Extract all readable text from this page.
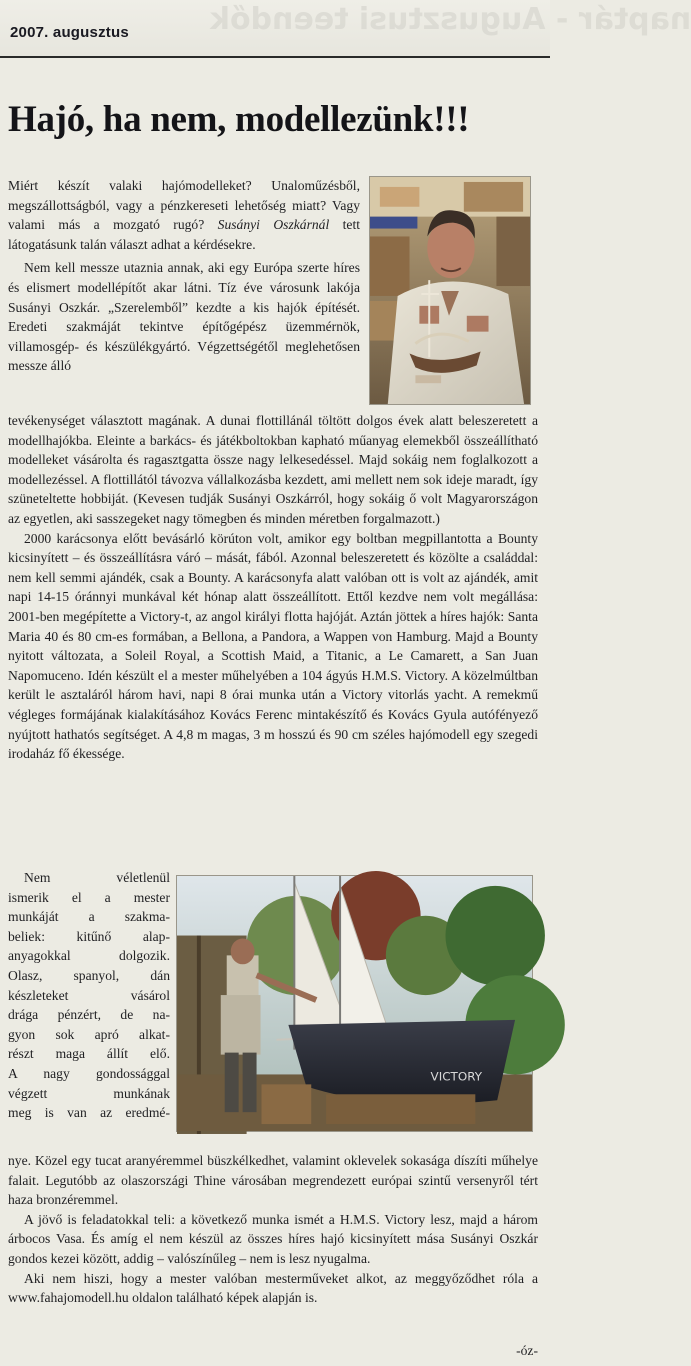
naptár - Augusztusi teendők
2007. augusztus
Hajó, ha nem, modellezünk!!!

Miért készít valaki hajómodelleket? Unaloműzésből, megszállottságból, vagy a pénzkereseti lehetőség miatt? Vagy valami más a mozgató rugó? Susányi Oszkárnál tett látogatásunk talán választ adhat a kérdésekre.

Nem kell messze utaznia annak, aki egy Európa szerte híres és elismert modellépítőt akar látni. Tíz éve városunk lakója Susányi Oszkár. „Szerelemből” kezdte a kis hajók építését. Eredeti szakmáját tekintve építőgépész üzemmérnök, villamosgép- és készülékgyártó. Végzettségétől meglehetősen messze álló

tevékenységet választott magának. A dunai flottillánál töltött dolgos évek alatt beleszeretett a modellhajókba. Eleinte a barkács- és játékboltokban kapható műanyag elemekből összeállítható modelleket vásárolta és ragasztgatta össze nagy lelkesedéssel. Majd sokáig nem foglalkozott a modellezéssel. A flottillától távozva vállalkozásba kezdett, ami mellett nem sok ideje maradt, így szüneteltette hobbiját. (Kevesen tudják Susányi Oszkárról, hogy sokáig ő volt Magyarországon az egyetlen, aki sasszegeket nagy tömegben és minden méretben forgalmazott.)

2000 karácsonya előtt bevásárló körúton volt, amikor egy boltban megpillantotta a Bounty kicsinyített – és összeállításra váró – mását, fából. Azonnal beleszeretett és közölte a családdal: nem kell semmi ajándék, csak a Bounty. A karácsonyfa alatt valóban ott is volt az ajándék, amit napi 14-15 óránnyi munkával két hónap alatt összeállított. Ettől kezdve nem volt megállása: 2001-ben megépítette a Victory-t, az angol királyi flotta hajóját. Aztán jöttek a híres hajók: Santa Maria 40 és 80 cm-es formában, a Bellona, a Pandora, a Wappen von Hamburg. Majd a Bounty nyitott változata, a Soleil Royal, a Scottish Maid, a Titanic, a Le Camarett, a San Juan Napomuceno. Idén készült el a mester műhelyében a 104 ágyús H.M.S. Victory. A közelmúltban került le asztaláról három havi, napi 8 órai munka után a Victory vitorlás yacht. A remekmű végleges formájának kialakításához Kovács Ferenc mintakészítő és Kovács Gyula autófényező nyújtott hathatós segítséget. A 4,8 m magas, 3 m hosszú és 90 cm széles hajómodell egy szegedi irodaház fő ékessége.

VICTORY

Nem véletlenül

ismerik el a mester

munkáját a szakma-

beliek: kitűnő alap-

anyagokkal dolgozik.

Olasz, spanyol, dán

készleteket vásárol

drága pénzért, de na-

gyon sok apró alkat-

részt maga állít elő.

A nagy gondossággal

végzett munkának

meg is van az eredmé-

nye. Közel egy tucat aranyéremmel büszkélkedhet, valamint oklevelek sokasága díszíti műhelye falait. Legutóbb az olaszországi Thine városában megrendezett európai szintű versenyről tért haza bronzéremmel.

A jövő is feladatokkal teli: a következő munka ismét a H.M.S. Victory lesz, majd a három árbocos Vasa. És amíg el nem készül az összes híres hajó kicsinyített mása Susányi Oszkár gondos kezei között, addig – valószínűleg – nem is lesz nyugalma.

Aki nem hiszi, hogy a mester valóban mesterműveket alkot, az meggyőződhet róla a www.fahajomodell.hu oldalon található képek alapján is.

-óz-
